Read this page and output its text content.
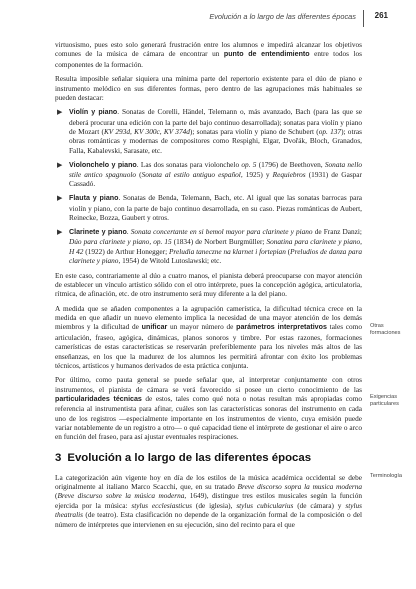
Evolución a lo largo de las diferentes épocas 261

virtuosismo, pues esto solo generará frustración entre los alumnos e impedirá alcanzar los objetivos comunes de la música de cámara de encontrar un punto de entendimiento entre todos los componentes de la formación.

Resulta imposible señalar siquiera una mínima parte del repertorio existente para el dúo de piano e instrumento melódico en sus diferentes formas, pero dentro de las agrupaciones más habituales se pueden destacar:

▶ Violín y piano. Sonatas de Corelli, Händel, Telemann o, más avanzado, Bach (para las que se deberá procurar una edición con la parte del bajo continuo desarrollada); sonatas para violín y piano de Mozart (KV 293d, KV 300c, KV 374d); sonatas para violín y piano de Schubert (op. 137); otras obras románticas y modernas de compositores como Respighi, Elgar, Dvořák, Bloch, Granados, Falla, Kabalevski, Sarasate, etc.
▶ Violonchelo y piano. Las dos sonatas para violonchelo op. 5 (1796) de Beethoven, Sonata nello stile antico spagnuolo (Sonata al estilo antiguo español, 1925) y Requiebros (1931) de Gaspar Cassadó.
▶ Flauta y piano. Sonatas de Benda, Telemann, Bach, etc. Al igual que las sonatas barrocas para violín y piano, con la parte de bajo continuo desarrollada, en su caso. Piezas románticas de Aubert, Reinecke, Bozza, Gaubert y otros.
▶ Clarinete y piano. Sonata concertante en si bemol mayor para clarinete y piano de Franz Danzi; Dúo para clarinete y piano, op. 15 (1834) de Norbert Burgmüller; Sonatina para clarinete y piano, H 42 (1922) de Arthur Honegger; Preludia taneczne na klarnet i fortepian (Preludios de danza para clarinete y piano, 1954) de Witold Lutoslawski; etc.

En este caso, contrariamente al dúo a cuatro manos, el pianista deberá preocuparse con mayor atención de establecer un vínculo artístico sólido con el otro intérprete, pues la concepción agógica, articulatoria, rítmica, de afinación, etc. de otro instrumento será muy diferente a la del piano.

A medida que se añaden componentes a la agrupación camerística, la dificultad técnica crece en la medida en que añadir un nuevo elemento implica la necesidad de una mayor atención de los demás miembros y la dificultad de unificar un mayor número de parámetros interpretativos tales como articulación, fraseo, agógica, dinámicas, planos sonoros y timbre. Por estas razones, formaciones camerísticas de estas características se reservarán preferiblemente para los niveles más altos de las enseñanzas, en los que la madurez de los alumnos les permitirá afrontar con éxito los problemas técnicos, artísticos y humanos derivados de esta práctica conjunta.

Por último, como pauta general se puede señalar que, al interpretar conjuntamente con otros instrumentos, el pianista de cámara se verá favorecido si posee un cierto conocimiento de las particularidades técnicas de estos, tales como qué nota o notas resultan más apropiadas como referencia al instrumentista para afinar, cuáles son las características sonoras del instrumento en cada uno de los registros —especialmente importante en los instrumentos de viento, cuya emisión puede variar notablemente de un registro a otro— o qué capacidad tiene el intérprete de gestionar el aire o arco en función del fraseo, para así ajustar eventuales respiraciones.

3 Evolución a lo largo de las diferentes épocas

La categorización aún vigente hoy en día de los estilos de la música académica occidental se debe originalmente al italiano Marco Scacchi, que, en su tratado Breve discorso sopra la musica moderna (Breve discurso sobre la música moderna, 1649), distingue tres estilos musicales según la función ejercida por la música: stylus ecclesiasticus (de iglesia), stylus cubicularius (de cámara) y stylus theatralis (de teatro). Esta clasificación no depende de la organización formal de la composición o del número de intérpretes que intervienen en su ejecución, sino del recinto para el que

Otras formaciones
Exigencias particulares
Terminología
